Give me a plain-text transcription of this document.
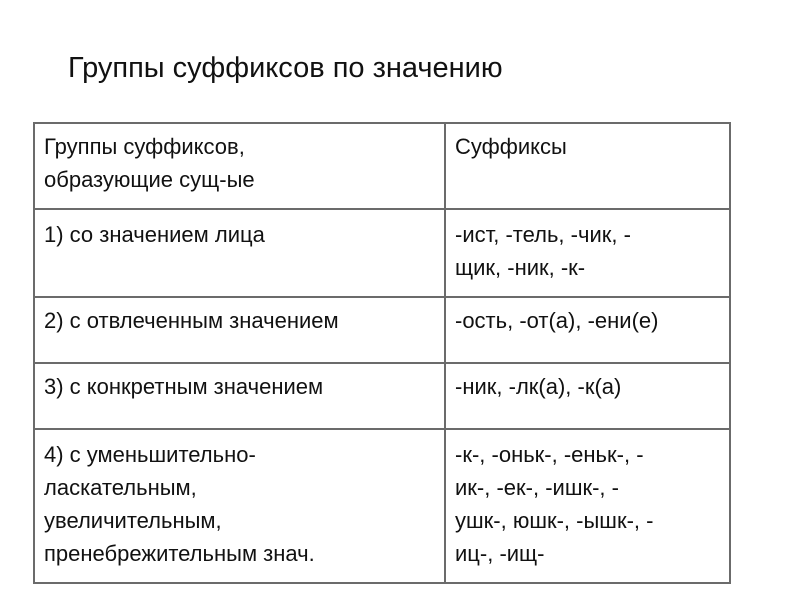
Группы суффиксов по значению
Группы суффиксов,
образующие сущ-ые	Суффиксы
1) со значением лица	-ист, -тель, -чик, -
щик, -ник, -к-
2) с отвлеченным значением	-ость, -от(а), -ени(е)
3) с конкретным значением	-ник, -лк(а), -к(а)
4) с уменьшительно-
ласкательным,
увеличительным,
пренебрежительным знач.	-к-, -оньк-, -еньк-, -
ик-, -ек-, -ишк-, -
ушк-, юшк-, -ышк-, -
иц-, -ищ-
